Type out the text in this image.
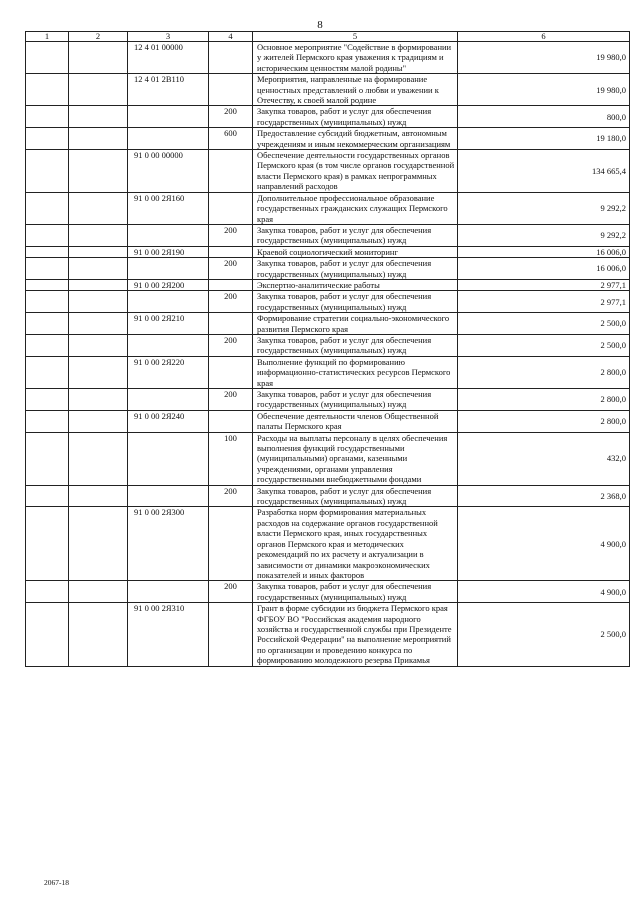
8
1	2	3	4	5	6
		12 4 01 00000		Основное мероприятие "Содействие в формировании у жителей Пермского края уважения к традициям и историческим ценностям малой родины"	19 980,0
		12 4 01 2В110		Мероприятия, направленные на формирование ценностных представлений о любви и уважении к Отечеству, к своей малой родине	19 980,0
			200	Закупка товаров, работ и услуг для обеспечения государственных (муниципальных) нужд	800,0
			600	Предоставление субсидий бюджетным, автономным учреждениям и иным некоммерческим организациям	19 180,0
		91 0 00 00000		Обеспечение деятельности государственных органов Пермского края (в том числе органов государственной власти Пермского края) в рамках непрограммных направлений расходов	134 665,4
		91 0 00 2Я160		Дополнительное профессиональное образование государственных гражданских служащих Пермского края	9 292,2
			200	Закупка товаров, работ и услуг для обеспечения государственных (муниципальных) нужд	9 292,2
		91 0 00 2Я190		Краевой социологический мониторинг	16 006,0
			200	Закупка товаров, работ и услуг для обеспечения государственных (муниципальных) нужд	16 006,0
		91 0 00 2Я200		Экспертно-аналитические работы	2 977,1
			200	Закупка товаров, работ и услуг для обеспечения государственных (муниципальных) нужд	2 977,1
		91 0 00 2Я210		Формирование стратегии социально-экономического развития Пермского края	2 500,0
			200	Закупка товаров, работ и услуг для обеспечения государственных (муниципальных) нужд	2 500,0
		91 0 00 2Я220		Выполнение функций по формированию информационно-статистических ресурсов Пермского края	2 800,0
			200	Закупка товаров, работ и услуг для обеспечения государственных (муниципальных) нужд	2 800,0
		91 0 00 2Я240		Обеспечение деятельности членов Общественной палаты Пермского края	2 800,0
			100	Расходы на выплаты персоналу в целях обеспечения выполнения функций государственными (муниципальными) органами, казенными учреждениями, органами управления государственными внебюджетными фондами	432,0
			200	Закупка товаров, работ и услуг для обеспечения государственных (муниципальных) нужд	2 368,0
		91 0 00 2Я300		Разработка норм формирования материальных расходов на содержание органов государственной власти Пермского края, иных государственных органов Пермского края и методических рекомендаций по их расчету и актуализации в зависимости от динамики макроэкономических показателей и иных факторов	4 900,0
			200	Закупка товаров, работ и услуг для обеспечения государственных (муниципальных) нужд	4 900,0
		91 0 00 2Я310		Грант в форме субсидии из бюджета Пермского края ФГБОУ ВО "Российская академия народного хозяйства и государственной службы при Президенте Российской Федерации" на выполнение мероприятий по организации и проведению конкурса по формированию молодежного резерва Прикамья	2 500,0
2067-18
